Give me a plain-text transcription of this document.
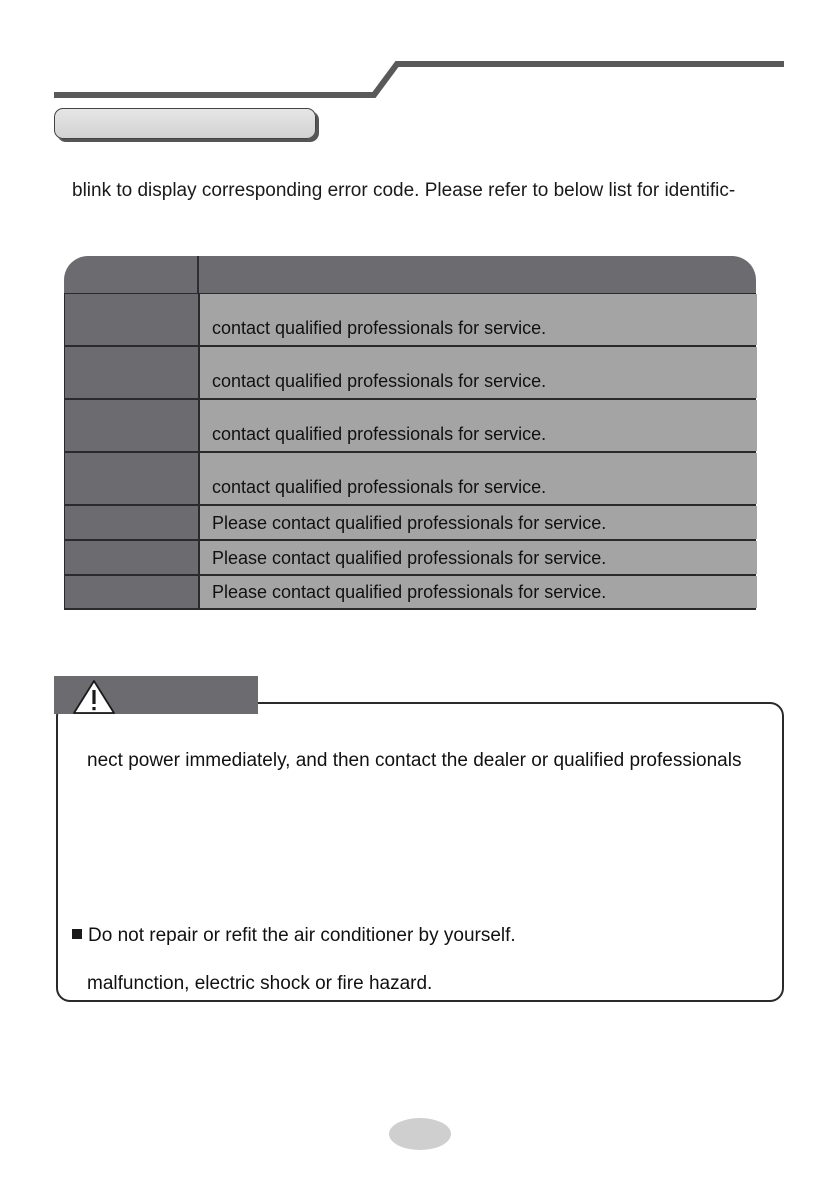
blink to display corresponding error code. Please refer to below list for identific-
contact qualified professionals for service.
contact qualified professionals for service.
contact qualified professionals for service.
contact qualified professionals for service.
Please contact qualified professionals for service.
Please contact qualified professionals for service.
Please contact qualified professionals for service.
nect power immediately, and then contact the dealer or qualified professionals
Do not repair or refit the air conditioner by yourself.
malfunction, electric shock or fire hazard.
